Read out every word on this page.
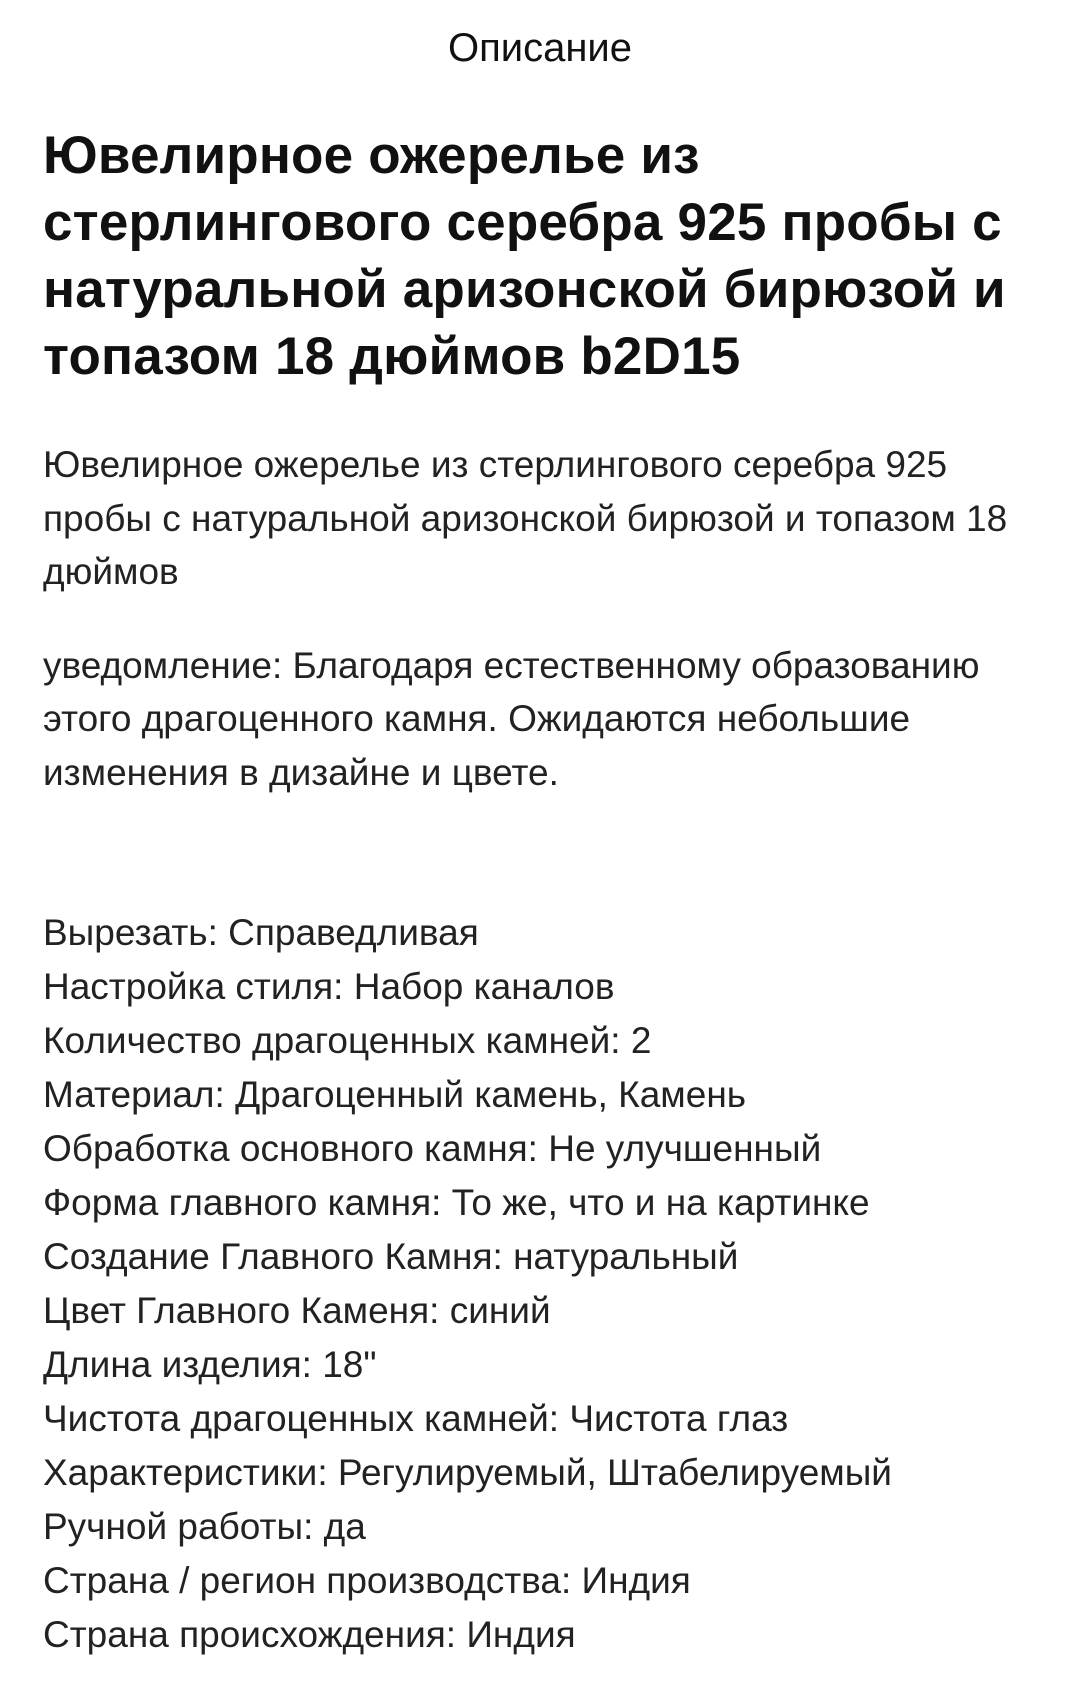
Описание
Ювелирное ожерелье из стерлингового серебра 925 пробы с натуральной аризонской бирюзой и топазом 18 дюймов b2D15

Ювелирное ожерелье из стерлингового серебра 925 пробы с натуральной аризонской бирюзой и топазом 18 дюймов

уведомление: Благодаря естественному образованию этого драгоценного камня. Ожидаются небольшие изменения в дизайне и цвете.

Вырезать: Справедливая
Настройка стиля: Набор каналов
Количество драгоценных камней: 2
Материал: Драгоценный камень, Камень
Обработка основного камня: Не улучшенный
Форма главного камня: То же, что и на картинке
Создание Главного Камня: натуральный
Цвет Главного Каменя: синий
Длина изделия: 18"
Чистота драгоценных камней: Чистота глаз
Характеристики: Регулируемый, Штабелируемый
Ручной работы: да
Страна / регион производства: Индия
Страна происхождения: Индия
